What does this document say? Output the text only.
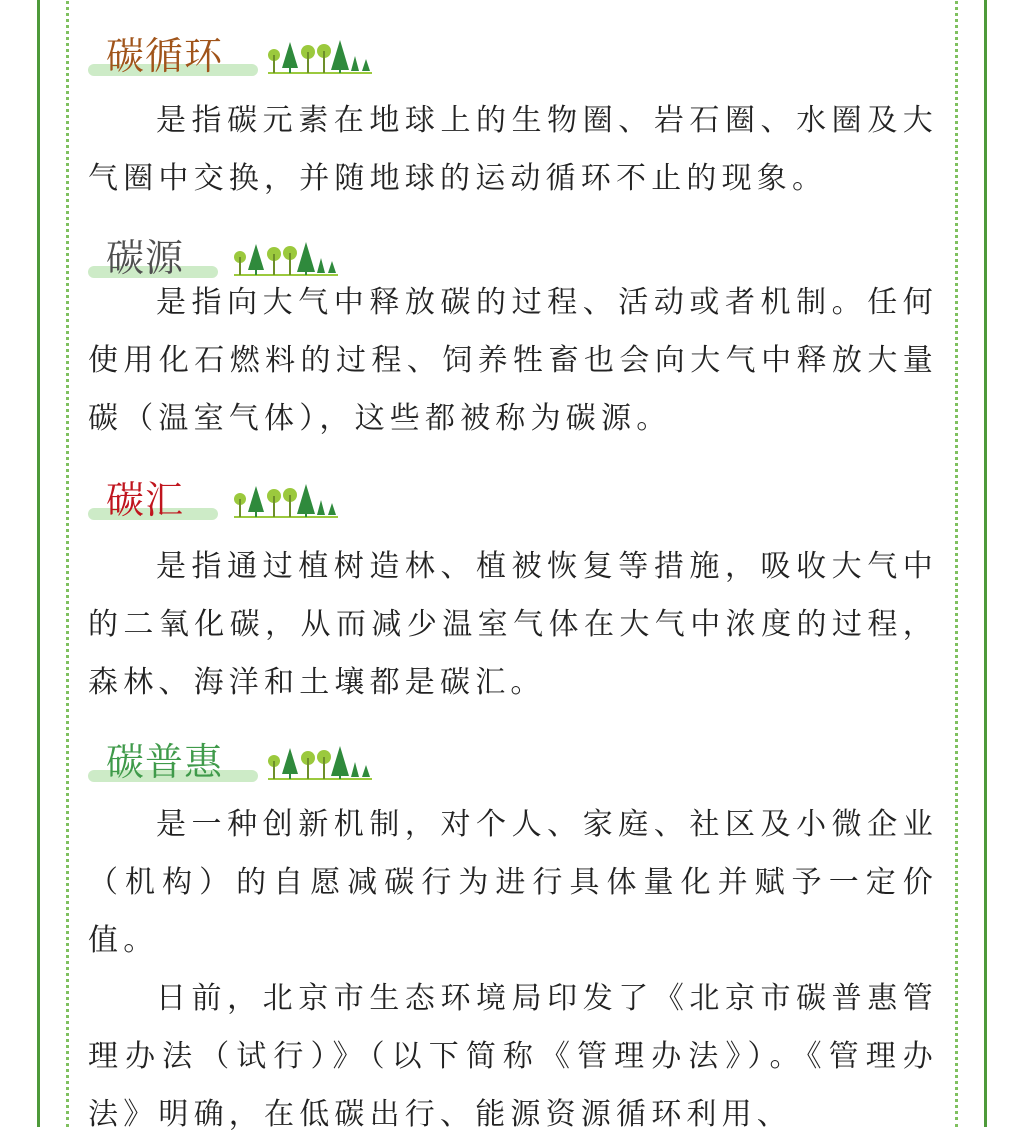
碳循环

是指碳元素在地球上的生物圈、岩石圈、水圈及大气圈中交换，并随地球的运动循环不止的现象。

碳源

是指向大气中释放碳的过程、活动或者机制。任何使用化石燃料的过程、饲养牲畜也会向大气中释放大量碳（温室气体），这些都被称为碳源。

碳汇

是指通过植树造林、植被恢复等措施，吸收大气中的二氧化碳，从而减少温室气体在大气中浓度的过程，森林、海洋和土壤都是碳汇。

碳普惠

是一种创新机制，对个人、家庭、社区及小微企业（机构）的自愿减碳行为进行具体量化并赋予一定价值。

日前，北京市生态环境局印发了《北京市碳普惠管理办法（试行）》（以下简称《管理办法》）。《管理办法》明确，在低碳出行、能源资源循环利用、
